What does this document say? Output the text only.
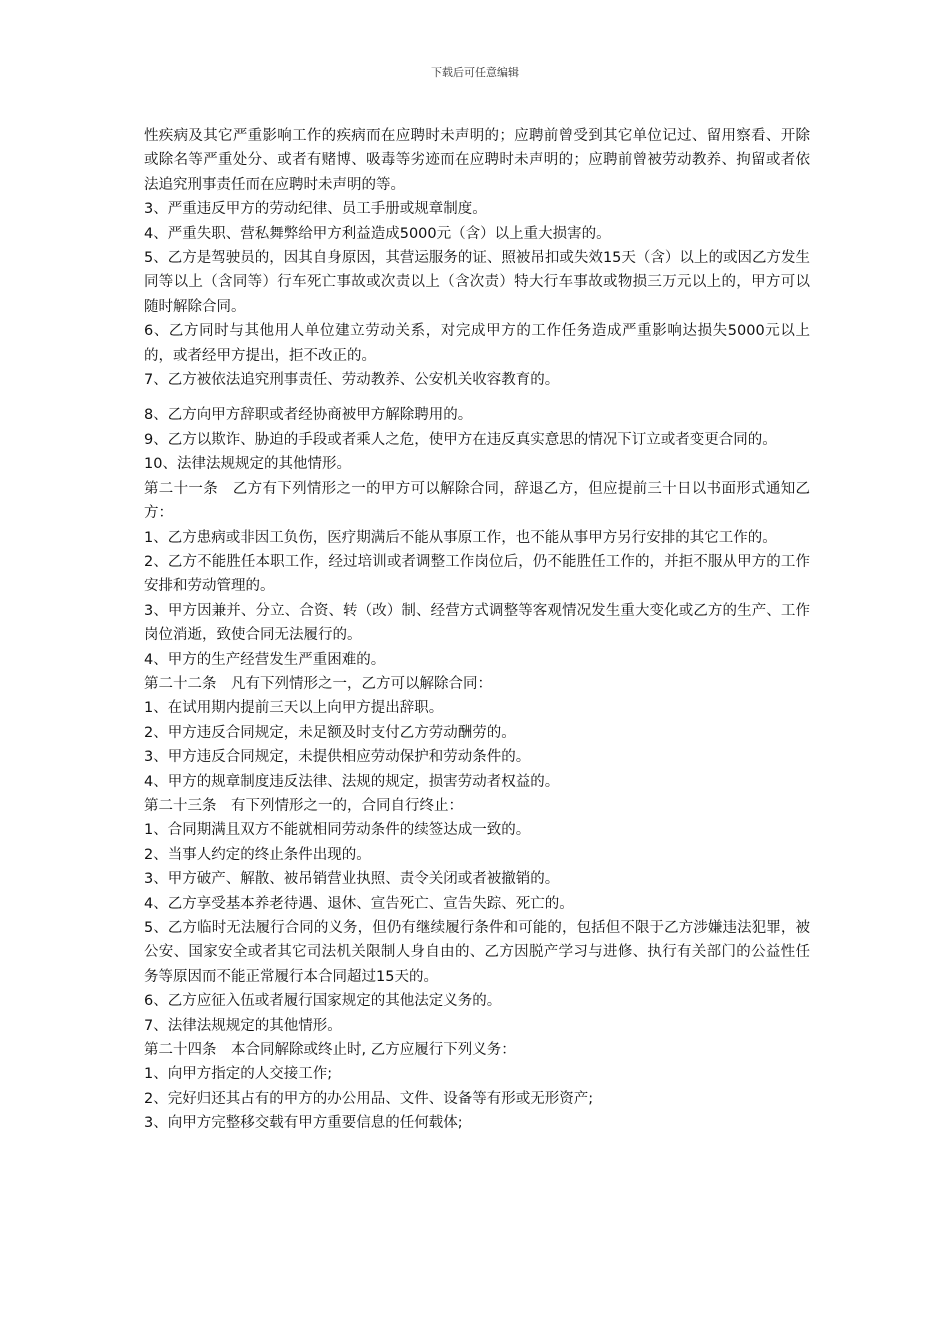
下载后可任意编辑

性疾病及其它严重影响工作的疾病而在应聘时未声明的；应聘前曾受到其它单位记过、留用察看、开除或除名等严重处分、或者有赌博、吸毒等劣迹而在应聘时未声明的；应聘前曾被劳动教养、拘留或者依法追究刑事责任而在应聘时未声明的等。

3、严重违反甲方的劳动纪律、员工手册或规章制度。

4、严重失职、营私舞弊给甲方利益造成5000元（含）以上重大损害的。

5、乙方是驾驶员的，因其自身原因，其营运服务的证、照被吊扣或失效15天（含）以上的或因乙方发生同等以上（含同等）行车死亡事故或次责以上（含次责）特大行车事故或物损三万元以上的，甲方可以随时解除合同。

6、乙方同时与其他用人单位建立劳动关系，对完成甲方的工作任务造成严重影响达损失5000元以上的，或者经甲方提出，拒不改正的。

7、乙方被依法追究刑事责任、劳动教养、公安机关收容教育的。

8、乙方向甲方辞职或者经协商被甲方解除聘用的。

9、乙方以欺诈、胁迫的手段或者乘人之危，使甲方在违反真实意思的情况下订立或者变更合同的。

10、法律法规规定的其他情形。

第二十一条　乙方有下列情形之一的甲方可以解除合同，辞退乙方，但应提前三十日以书面形式通知乙方：

1、乙方患病或非因工负伤，医疗期满后不能从事原工作，也不能从事甲方另行安排的其它工作的。

2、乙方不能胜任本职工作，经过培训或者调整工作岗位后，仍不能胜任工作的，并拒不服从甲方的工作安排和劳动管理的。

3、甲方因兼并、分立、合资、转（改）制、经营方式调整等客观情况发生重大变化或乙方的生产、工作岗位消逝，致使合同无法履行的。

4、甲方的生产经营发生严重困难的。

第二十二条　凡有下列情形之一，乙方可以解除合同：

1、在试用期内提前三天以上向甲方提出辞职。

2、甲方违反合同规定，未足额及时支付乙方劳动酬劳的。

3、甲方违反合同规定，未提供相应劳动保护和劳动条件的。

4、甲方的规章制度违反法律、法规的规定，损害劳动者权益的。

第二十三条　有下列情形之一的，合同自行终止：

1、合同期满且双方不能就相同劳动条件的续签达成一致的。

2、当事人约定的终止条件出现的。

3、甲方破产、解散、被吊销营业执照、责令关闭或者被撤销的。

4、乙方享受基本养老待遇、退休、宣告死亡、宣告失踪、死亡的。

5、乙方临时无法履行合同的义务，但仍有继续履行条件和可能的，包括但不限于乙方涉嫌违法犯罪，被公安、国家安全或者其它司法机关限制人身自由的、乙方因脱产学习与进修、执行有关部门的公益性任务等原因而不能正常履行本合同超过15天的。

6、乙方应征入伍或者履行国家规定的其他法定义务的。

7、法律法规规定的其他情形。

第二十四条　本合同解除或终止时, 乙方应履行下列义务：

1、向甲方指定的人交接工作;

2、完好归还其占有的甲方的办公用品、文件、设备等有形或无形资产;

3、向甲方完整移交载有甲方重要信息的任何载体;
